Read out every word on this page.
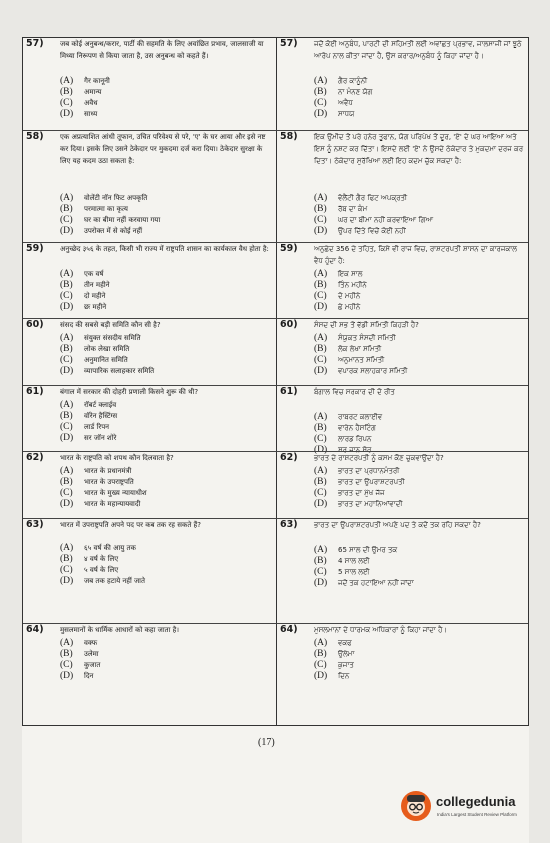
57) जब कोई अनुबन्ध/करार, पार्टी की सहमति के लिए अवांछित प्रभाव, जालसाजी या मिथ्या निरूपण से किया जाता है, उस अनुबन्ध को कहते हैं।
(A) गैर कानूनी
(B) अमान्य
(C) अवैध
(D) साध्य
57) ਜਦੋਂ ਕੋਈ ਅਨੁਬੰਧ, ਪਾਰਟੀ ਦੀ ਸਹਿਮਤੀ ਲਈ ਅਵਾਂਛਤ ਪ੍ਰਭਾਵ, ਜਾਲਸਾਜੀ ਜਾਂ ਝੂਠੇ ਆਰੋਪ ਨਾਲ ਕੀਤਾ ਜਾਂਦਾ ਹੈ, ਉਸ ਕਰਾਰ/ਅਨੁਬੰਧ ਨੂੰ ਕਿਹਾ ਜਾਂਦਾ ਹੈ।
(A) ਗੈਰ ਕਾਨੂੰਨੀ
(B) ਨਾ ਮੰਨਣ ਯੋਗ
(C) ਅਵੈਧ
(D) ਸਾਧਯ
58) एक अप्रत्याशित आंधी तूफान, उचित परिवेश्य से परे, 'ए' के घर आया और इसे नष्ट कर दिया। इसके लिए उसने ठेकेदार पर मुकदमा दर्ज करा दिया। ठेकेदार सुरक्षा के लिए यह कदम उठा सकता है:
(A) वोलेंटी नॉन फिट अपकृति
(B) परमात्मा का कृत्य
(C) घर का बीमा नहीं करवाया गया
(D) उपरोक्त में से कोई नहीं
58) ਇਕ ਉਮੀਦ ਤੋਂ ਪਰੇ ਹਨੇਰ ਤੂਫਾਨ, ਯੋਗ ਪਰਿਪੇਖ ਤੋਂ ਦੂਰ, 'ਏ' ਦੇ ਘਰ ਆਇਆ ਅਤੇ ਇਸ ਨੂੰ ਨਸ਼ਟ ਕਰ ਦਿੱਤਾ। ਇਸਦੇ ਲਈ 'ਏ' ਨੇ ਉਸਦੇ ਠੇਕੇਦਾਰ ਤੇ ਮੁਕਦਮਾ ਦਰਜ ਕਰ ਦਿਤਾ। ਠੇਕੇਦਾਰ ਸੁਰੱਖਿਆ ਲਈ ਇਹ ਕਦਮ ਚੁੱਕ ਸਕਦਾ ਹੈ:
(A) ਵੋਲੈਂਟੀ ਗੈਰ ਫਿਟ ਅਪਕ੍ਰਤੀ
(B) ਰੱਬ ਦਾ ਕੰਮ
(C) ਘਰ ਦਾ ਬੀਮਾ ਨਹੀਂ ਕਰਵਾਇਆ ਗਿਆ
(D) ਉਪਰ ਦਿੱਤੇ ਵਿਚੋਂ ਕੋਈ ਨਹੀਂ
59) अनुच्छेद ३५६ के तहत, किसी भी राज्य में राष्ट्रपति शासन का कार्यकाल वैध होता है:
(A) एक वर्ष
(B) तीन महीने
(C) दो महीने
(D) छः महीने
59) ਅਨੁਛੇਦ 356 ਦੇ ਤਹਿਤ, ਕਿਸੇ ਵੀ ਰਾਜ ਵਿਚ, ਰਾਸ਼ਟਰਪਤੀ ਸ਼ਾਸਨ ਦਾ ਕਾਰਜਕਾਲ ਵੈਧ ਹੁੰਦਾ ਹੈ:
(A) ਇਕ ਸਾਲ
(B) ਤਿੰਨ ਮਹੀਨੇ
(C) ਦੋ ਮਹੀਨੇ
(D) ਛੇ ਮਹੀਨੇ
60) संसद की सबसे बड़ी समिति कौन सी है?
(A) संयुक्त संसदीय समिति
(B) लोक लेखा समिति
(C) अनुमानित समिति
(D) व्यापारिक सलाहकार समिति
60) ਸੰਸਦ ਦੀ ਸਭ ਤੋਂ ਵੱਡੀ ਸਮਿਤੀ ਕਿਹੜੀ ਹੈ?
(A) ਸੰਯੁਕਤ ਸੰਸਦੀ ਸਮਿਤੀ
(B) ਲੋਕ ਲੇਖਾ ਸਮਿਤੀ
(C) ਅਨੁਮਾਨਤ ਸਮਿਤੀ
(D) ਵਪਾਰਕ ਸਲਾਹਕਾਰ ਸਮਿਤੀ
61) बंगाल में सरकार की दोहरी प्रणाली किसने शुरू की थी?
(A) रॉबर्ट क्लाईव
(B) वॉरेन हैस्टिंग्स
(C) लार्ड रिपन
(D) सर जॉन शोरे
61) ਬੰਗਾਲ ਵਿਚ ਸਰਕਾਰ ਦੀ ਦੋ ਰੀਤ
(A) ਰਾਬਰਟ ਕਲਾਈਵ
(B) ਵਾਰੇਨ ਹੈਸਟਿੰਗ
(C) ਲਾਰਡ ਰਿਪਨ
(D) ਸਰ ਜਾਨ ਸ਼ੋਰ
62) भारत के राष्ट्रपति को शपथ कौन दिलवाता है?
(A) भारत के प्रधानमंत्री
(B) भारत के उपराष्ट्रपति
(C) भारत के मुख्य न्यायाधीश
(D) भारत के महान्यायवादी
62) ਭਾਰਤ ਦੇ ਰਾਸ਼ਟਰਪਤੀ ਨੂੰ ਕਸਮ ਕੌਣ ਚੁਕਵਾਉਂਦਾ ਹੈ?
(A) ਭਾਰਤ ਦਾ ਪ੍ਰਧਾਨਮੰਤਰੀ
(B) ਭਾਰਤ ਦਾ ਉਪਰਾਸ਼ਟਰਪਤੀ
(C) ਭਾਰਤ ਦਾ ਮੁੱਖ ਜੱਜ
(D) ਭਾਰਤ ਦਾ ਮਹਾਨਿਆਂਵਾਦੀ
63) भारत में उपराष्ट्रपति अपने पद पर कब तक रह सकते हैं?
(A) ६५ वर्ष की आयु तक
(B) ४ वर्ष के लिए
(C) ५ वर्ष के लिए
(D) जब तक हटाये नहीं जाते
63) ਭਾਰਤ ਦਾ ਉਪਰਾਸ਼ਟਰਪਤੀ ਅਪਣੇ ਪਦ ਤੇ ਕਦੋਂ ਤਕ ਰਹਿ ਸਕਦਾ ਹੈ?
(A) 65 ਸਾਲ ਦੀ ਉਮਰ ਤਕ
(B) 4 ਸਾਲ ਲਈ
(C) 5 ਸਾਲ ਲਈ
(D) ਜਦੋਂ ਤਕ ਹਟਾਇਆ ਨਹੀਂ ਜਾਂਦਾ
64) मुसलमानों के धार्मिक आधारों को कहा जाता है।
(A) वक्फ
(B) उलेमा
(C) कुजात
(D) दिन
64) ਮੁਸਲਮਾਨਾਂ ਦੇ ਧਾਰਮਕ ਅਧਿਕਾਰਾਂ ਨੂੰ ਕਿਹਾ ਜਾਂਦਾ ਹੈ।
(A) ਵਕਫ
(B) ਉਲੇਮਾ
(C) ਕੁਜਾਤ
(D) ਦਿਨ
(17)
collegedunia
India's Largest Student Review Platform
